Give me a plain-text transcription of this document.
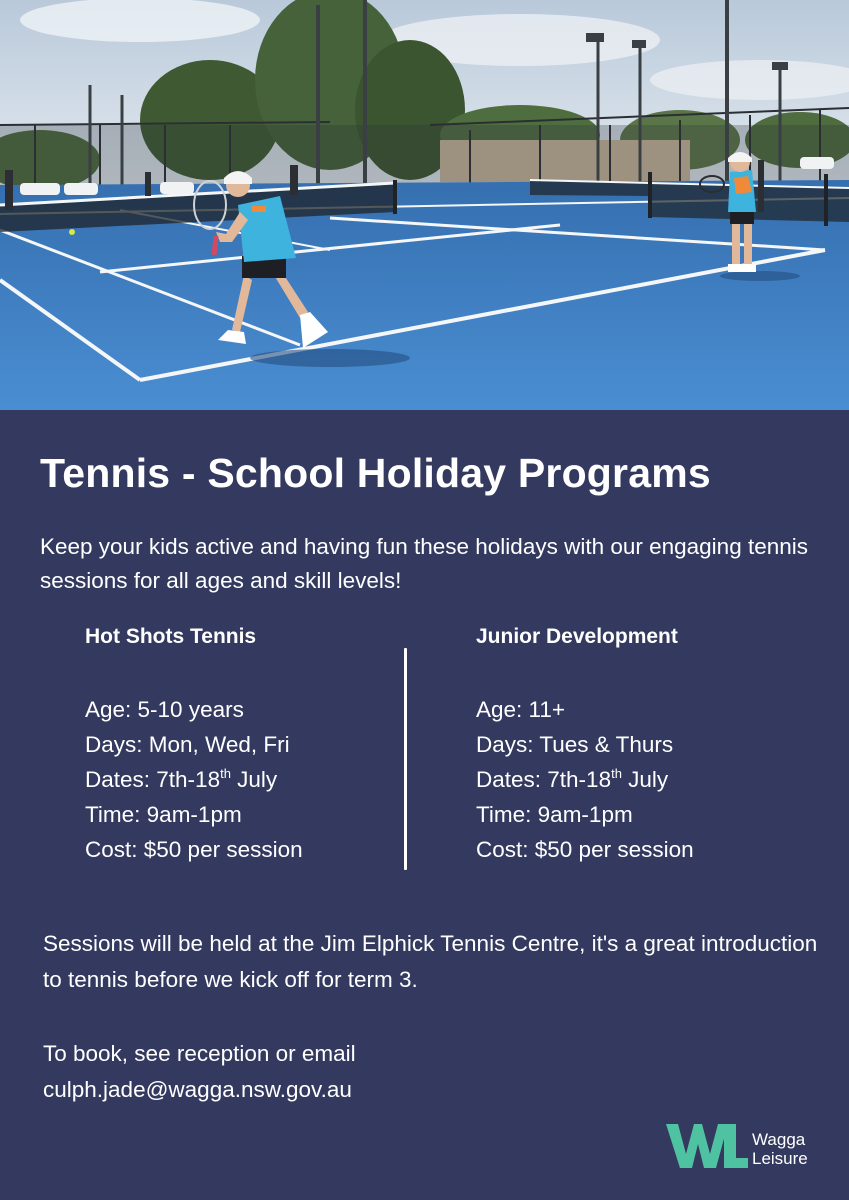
Tennis - School Holiday Programs

Keep your kids active and having fun these holidays with our engaging tennis sessions for all ages and skill levels!

Hot Shots Tennis

Age: 5-10 years

Days: Mon, Wed, Fri

Dates: 7th-18th July

Time: 9am-1pm

Cost: $50 per session

Junior Development

Age: 11+

Days: Tues & Thurs

Dates: 7th-18th July

Time: 9am-1pm

Cost: $50 per session

Sessions will be held at the Jim Elphick Tennis Centre, it's a great introduction to tennis before we kick off for term 3.

To book, see reception or email
culph.jade@wagga.nsw.gov.au

Wagga
Leisure
